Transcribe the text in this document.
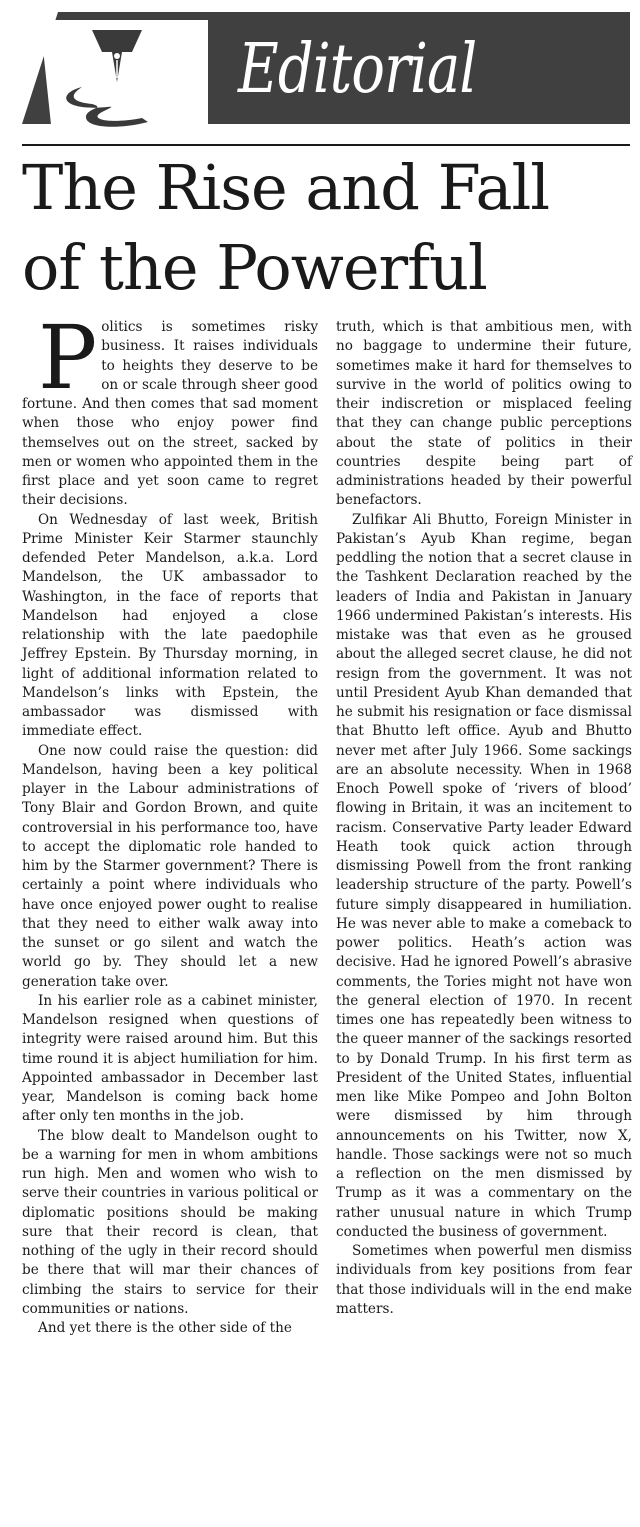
Editorial
The Rise and Fall
of the Powerful

Politics is sometimes risky business. It raises individuals to heights they deserve to be on or scale through sheer good fortune. And then comes that sad moment when those who enjoy power find themselves out on the street, sacked by men or women who appointed them in the first place and yet soon came to regret their decisions.

On Wednesday of last week, British Prime Minister Keir Starmer staunchly defended Peter Mandelson, a.k.a. Lord Mandelson, the UK ambassador to Washington, in the face of reports that Mandelson had enjoyed a close relationship with the late paedophile Jeffrey Epstein. By Thursday morning, in light of additional information related to Mandelson’s links with Epstein, the ambassador was dismissed with immediate effect.

One now could raise the question: did Mandelson, having been a key political player in the Labour administrations of Tony Blair and Gordon Brown, and quite controversial in his performance too, have to accept the diplomatic role handed to him by the Starmer government? There is certainly a point where individuals who have once enjoyed power ought to realise that they need to either walk away into the sunset or go silent and watch the world go by. They should let a new generation take over.

In his earlier role as a cabinet minister, Mandelson resigned when questions of integrity were raised around him. But this time round it is abject humiliation for him. Appointed ambassador in December last year, Mandelson is coming back home after only ten months in the job.

The blow dealt to Mandelson ought to be a warning for men in whom ambitions run high. Men and women who wish to serve their countries in various political or diplomatic positions should be making sure that their record is clean, that nothing of the ugly in their record should be there that will mar their chances of climbing the stairs to service for their communities or nations.

And yet there is the other side of the

truth, which is that ambitious men, with no baggage to undermine their future, sometimes make it hard for themselves to survive in the world of politics owing to their indiscretion or misplaced feeling that they can change public perceptions about the state of politics in their countries despite being part of administrations headed by their powerful benefactors.

Zulfikar Ali Bhutto, Foreign Minister in Pakistan’s Ayub Khan regime, began peddling the notion that a secret clause in the Tashkent Declaration reached by the leaders of India and Pakistan in January 1966 undermined Pakistan’s interests. His mistake was that even as he groused about the alleged secret clause, he did not resign from the government. It was not until President Ayub Khan demanded that he submit his resignation or face dismissal that Bhutto left office. Ayub and Bhutto never met after July 1966. Some sackings are an absolute necessity. When in 1968 Enoch Powell spoke of ‘rivers of blood’ flowing in Britain, it was an incitement to racism. Conservative Party leader Edward Heath took quick action through dismissing Powell from the front ranking leadership structure of the party. Powell’s future simply disappeared in humiliation. He was never able to make a comeback to power politics. Heath’s action was decisive. Had he ignored Powell’s abrasive comments, the Tories might not have won the general election of 1970. In recent times one has repeatedly been witness to the queer manner of the sackings resorted to by Donald Trump. In his first term as President of the United States, influential men like Mike Pompeo and John Bolton were dismissed by him through announcements on his Twitter, now X, handle. Those sackings were not so much a reflection on the men dismissed by Trump as it was a commentary on the rather unusual nature in which Trump conducted the business of government.

Sometimes when powerful men dismiss individuals from key positions from fear that those individuals will in the end make matters.
